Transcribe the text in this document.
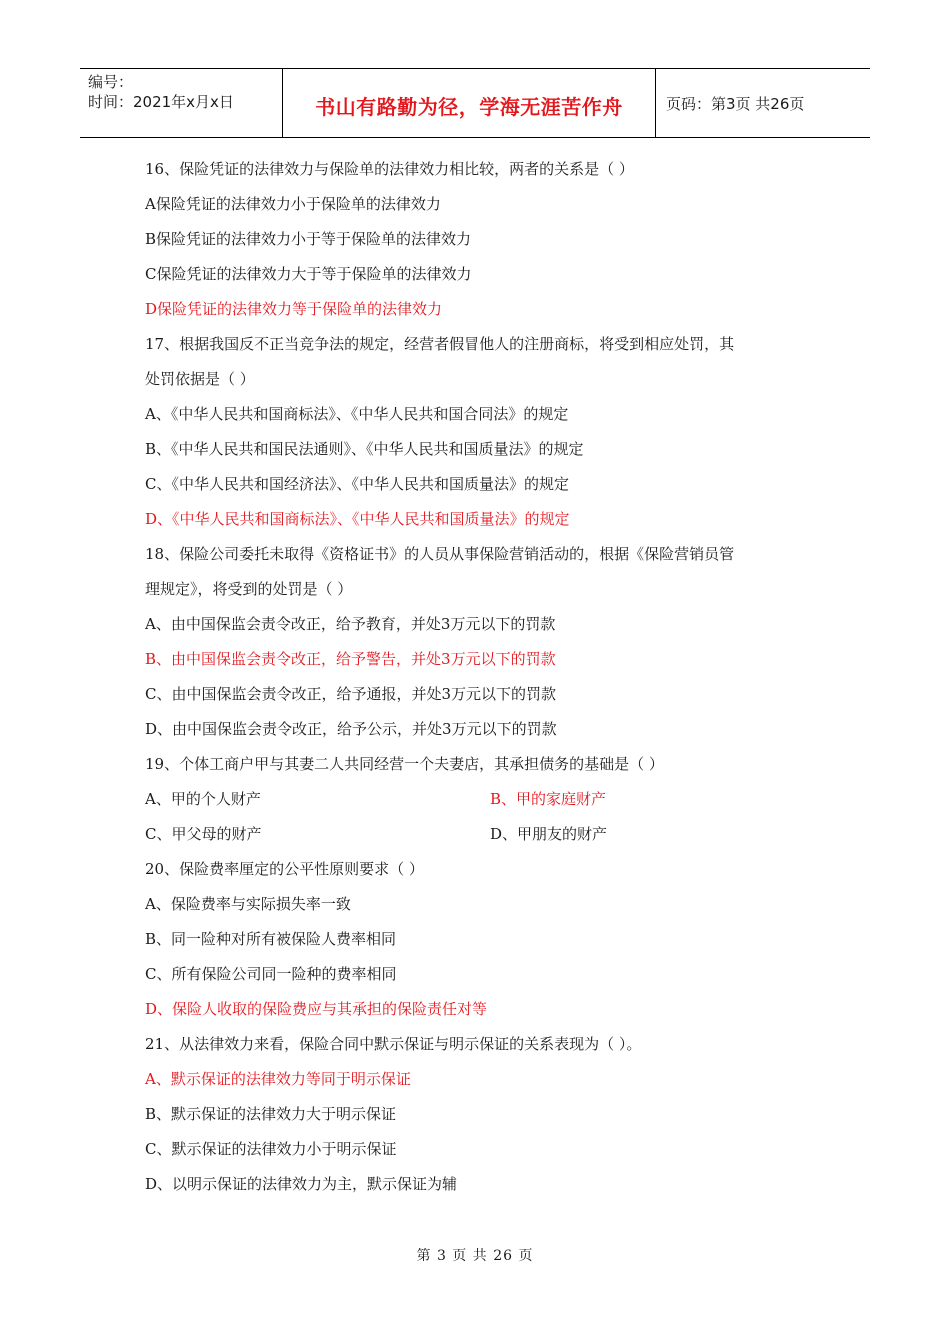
编号：
时间：2021年x月x日	书山有路勤为径，学海无涯苦作舟	页码：第3页 共26页
16、保险凭证的法律效力与保险单的法律效力相比较，两者的关系是（ ）
A保险凭证的法律效力小于保险单的法律效力
B保险凭证的法律效力小于等于保险单的法律效力
C保险凭证的法律效力大于等于保险单的法律效力
D保险凭证的法律效力等于保险单的法律效力
17、根据我国反不正当竞争法的规定，经营者假冒他人的注册商标，将受到相应处罚，其
处罚依据是（ ）
A、《中华人民共和国商标法》、《中华人民共和国合同法》的规定
B、《中华人民共和国民法通则》、《中华人民共和国质量法》的规定
C、《中华人民共和国经济法》、《中华人民共和国质量法》的规定
D、《中华人民共和国商标法》、《中华人民共和国质量法》的规定
18、保险公司委托未取得《资格证书》的人员从事保险营销活动的，根据《保险营销员管
理规定》，将受到的处罚是（ ）
A、由中国保监会责令改正，给予教育，并处3万元以下的罚款
B、由中国保监会责令改正，给予警告，并处3万元以下的罚款
C、由中国保监会责令改正，给予通报，并处3万元以下的罚款
D、由中国保监会责令改正，给予公示，并处3万元以下的罚款
19、个体工商户甲与其妻二人共同经营一个夫妻店，其承担债务的基础是（ ）
A、甲的个人财产	B、甲的家庭财产
C、甲父母的财产	D、甲朋友的财产
20、保险费率厘定的公平性原则要求（ ）
A、保险费率与实际损失率一致
B、同一险种对所有被保险人费率相同
C、所有保险公司同一险种的费率相同
D、保险人收取的保险费应与其承担的保险责任对等
21、从法律效力来看，保险合同中默示保证与明示保证的关系表现为（ ）。
A、默示保证的法律效力等同于明示保证
B、默示保证的法律效力大于明示保证
C、默示保证的法律效力小于明示保证
D、以明示保证的法律效力为主，默示保证为辅
第 3 页 共 26 页
